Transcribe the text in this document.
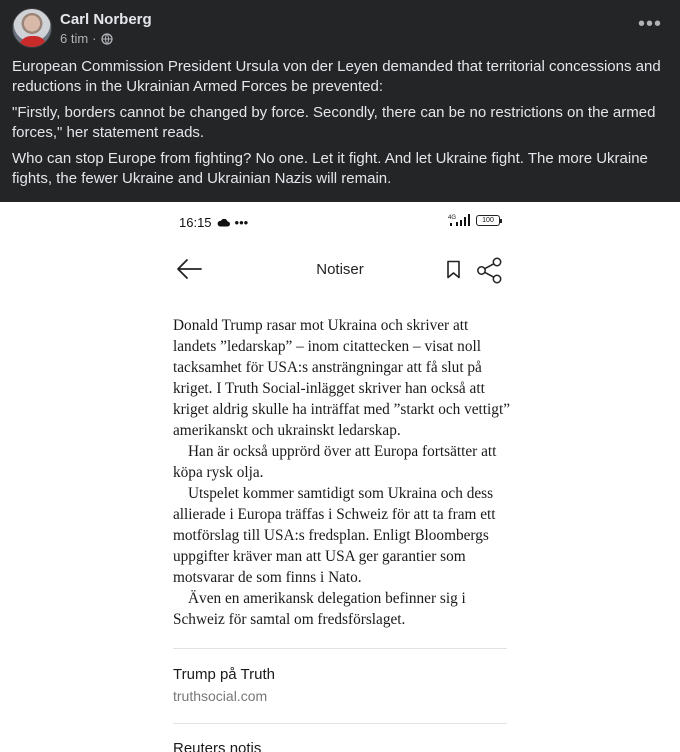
Carl Norberg
6 tim ·
•••

European Commission President Ursula von der Leyen demanded that territorial concessions and reductions in the Ukrainian Armed Forces be prevented:

"Firstly, borders cannot be changed by force. Secondly, there can be no restrictions on the armed forces," her statement reads.

Who can stop Europe from fighting? No one. Let it fight. And let Ukraine fight. The more Ukraine fights, the fewer Ukraine and Ukrainian Nazis will remain.

16:15 •••	4G	100
Notiser

Donald Trump rasar mot Ukraina och skriver att landets ”ledarskap” – inom citattecken – visat noll tacksamhet för USA:s ansträngningar att få slut på kriget. I Truth Social-inlägget skriver han också att kriget aldrig skulle ha inträffat med ”starkt och vettigt” amerikanskt och ukrainskt ledarskap.

Han är också upprörd över att Europa fortsätter att köpa rysk olja.

Utspelet kommer samtidigt som Ukraina och dess allierade i Europa träffas i Schweiz för att ta fram ett motförslag till USA:s fredsplan. Enligt Bloombergs uppgifter kräver man att USA ger garantier som motsvarar de som finns i Nato.

Även en amerikansk delegation befinner sig i Schweiz för samtal om fredsförslaget.

Trump på Truth
truthsocial.com
Reuters notis
